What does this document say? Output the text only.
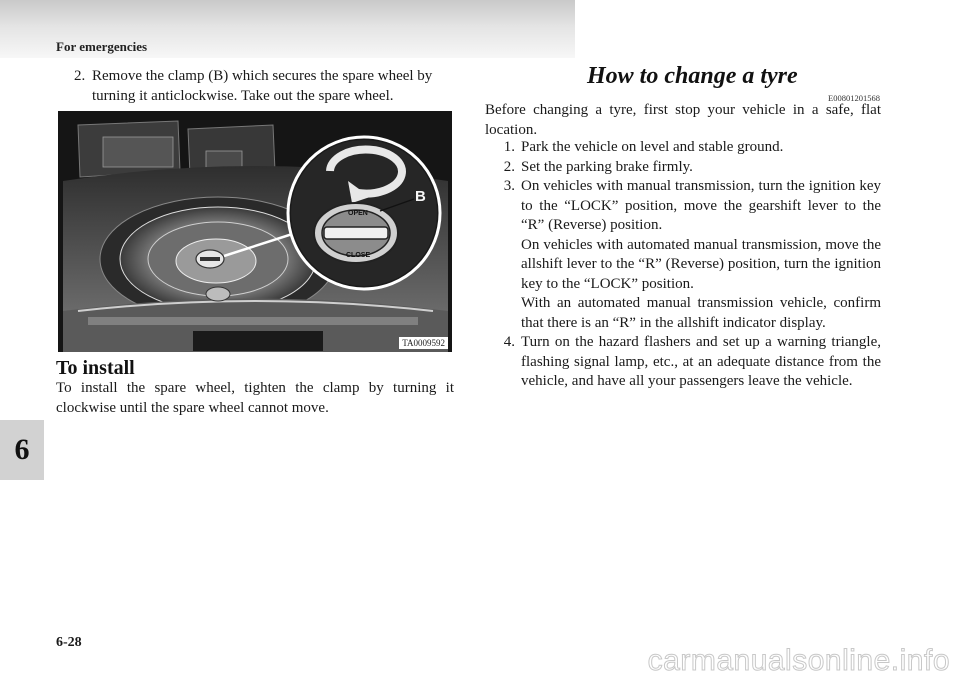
For emergencies
6
2. Remove the clamp (B) which secures the spare wheel by
turning it anticlockwise. Take out the spare wheel.
OPEN
CLOSE
B
TA0009592
To install
To install the spare wheel, tighten the clamp by turning it clockwise until the spare wheel cannot move.
How to change a tyre
E00801201568
Before changing a tyre, first stop your vehicle in a safe, flat location.
1. Park the vehicle on level and stable ground.
2. Set the parking brake firmly.
3. On vehicles with manual transmission, turn the ignition key to the “LOCK” position, move the gearshift lever to the “R” (Reverse) position.
On vehicles with automated manual transmission, move the allshift lever to the “R” (Reverse) position, turn the ignition key to the “LOCK” position.
With an automated manual transmission vehicle, confirm that there is an “R” in the allshift indicator display.
4. Turn on the hazard flashers and set up a warning triangle, flashing signal lamp, etc., at an adequate distance from the vehicle, and have all your passengers leave the vehicle.
6-28
carmanualsonline.info
